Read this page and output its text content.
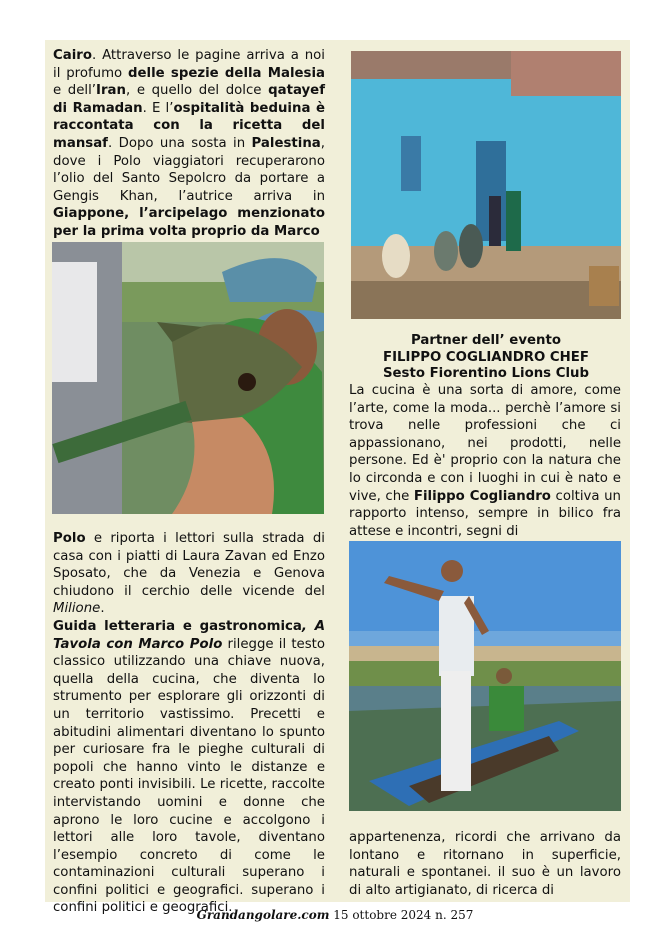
Cairo. Attraverso le pagine arriva a noi il profumo delle spezie della Malesia e dell’Iran, e quello del dolce qatayef di Ramadan. E l’ospitalità beduina è raccontata con la ricetta del mansaf. Dopo una sosta in Palestina, dove i Polo viaggiatori recuperarono l’olio del Santo Sepolcro da portare a Gengis Khan, l’autrice arriva in Giappone, l’arcipelago menzionato per la prima volta proprio da Marco

Polo e riporta i lettori sulla strada di casa con i piatti di Laura Zavan ed Enzo Sposato, che da Venezia e Genova chiudono il cerchio delle vicende del Milione.
Guida letteraria e gastronomica, A Tavola con Marco Polo rilegge il testo classico utilizzando una chiave nuova, quella della cucina, che diventa lo strumento per esplorare gli orizzonti di un territorio vastissimo. Precetti e abitudini alimentari diventano lo spunto per curiosare fra le pieghe culturali di popoli che hanno vinto le distanze e creato ponti invisibili. Le ricette, raccolte intervistando uomini e donne che aprono le loro cucine e accolgono i lettori alle loro tavole, diventano l’esempio concreto di come le contaminazioni culturali superano i confini politici e geografici. superano i confini politici e geografici.

Partner dell’ evento
FILIPPO COGLIANDRO CHEF
Sesto Fiorentino Lions Club

La cucina è una sorta di amore, come l’arte, come la moda... perchè l’amore si trova nelle professioni che ci appassionano, nei prodotti, nelle persone. Ed è' proprio con la natura che lo circonda e con i luoghi in cui è nato e vive, che Filippo Cogliandro coltiva un rapporto intenso, sempre in bilico fra attese e incontri, segni di

appartenenza, ricordi che arrivano da lontano e ritornano in superficie, naturali e spontanei. il suo è un lavoro di alto artigianato, di ricerca di

Grandangolare.com 15 ottobre 2024 n. 257
